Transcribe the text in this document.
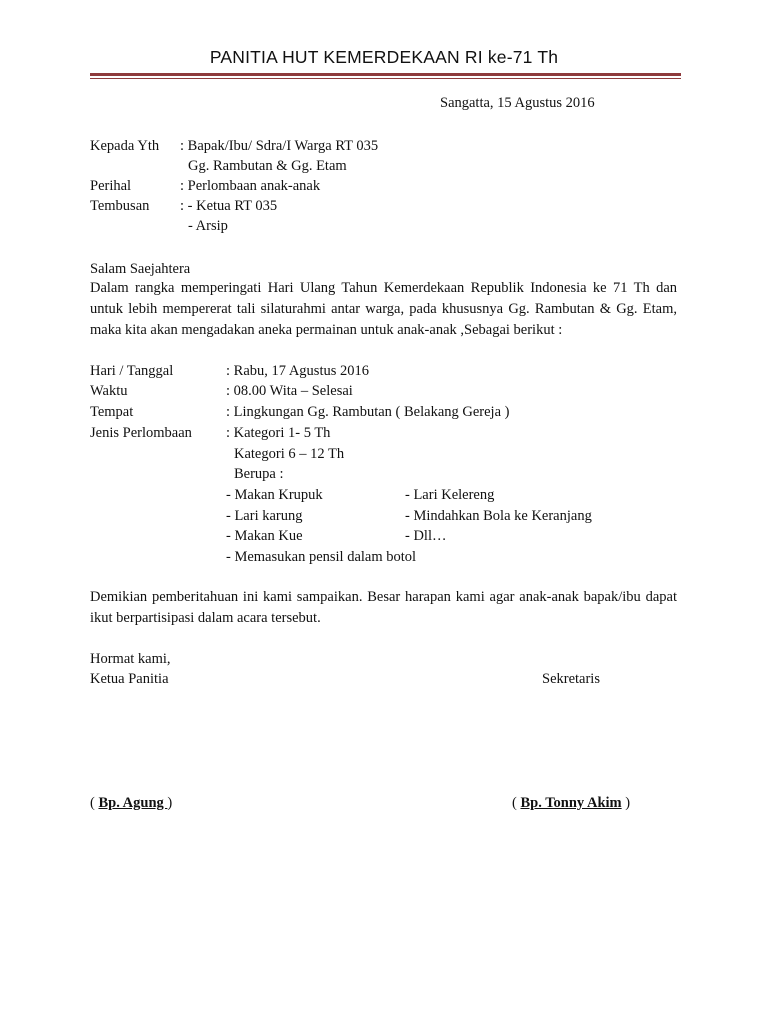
PANITIA HUT KEMERDEKAAN RI ke-71 Th
Sangatta, 15 Agustus 2016
Kepada Yth : Bapak/Ibu/ Sdra/I Warga RT 035
Gg. Rambutan & Gg. Etam
Perihal	: Perlombaan anak-anak
Tembusan : - Ketua RT 035
- Arsip
Salam Saejahtera
Dalam rangka memperingati Hari Ulang Tahun Kemerdekaan Republik Indonesia ke 71 Th dan untuk lebih mempererat tali silaturahmi antar warga, pada khususnya Gg. Rambutan & Gg. Etam, maka kita akan mengadakan aneka permainan untuk anak-anak ,Sebagai berikut :
Hari / Tanggal	: Rabu, 17 Agustus 2016
Waktu	: 08.00 Wita – Selesai
Tempat	: Lingkungan Gg. Rambutan ( Belakang Gereja )
Jenis Perlombaan : Kategori 1- 5 Th
Kategori 6 – 12 Th
Berupa :
- Makan Krupuk	- Lari Kelereng
- Lari karung	- Mindahkan Bola ke Keranjang
- Makan Kue	- Dll…
- Memasukan pensil dalam botol
Demikian pemberitahuan ini kami sampaikan. Besar harapan kami agar anak-anak bapak/ibu dapat ikut berpartisipasi dalam acara tersebut.
Hormat kami,
Ketua Panitia	Sekretaris
( Bp. Agung )	( Bp. Tonny Akim )
